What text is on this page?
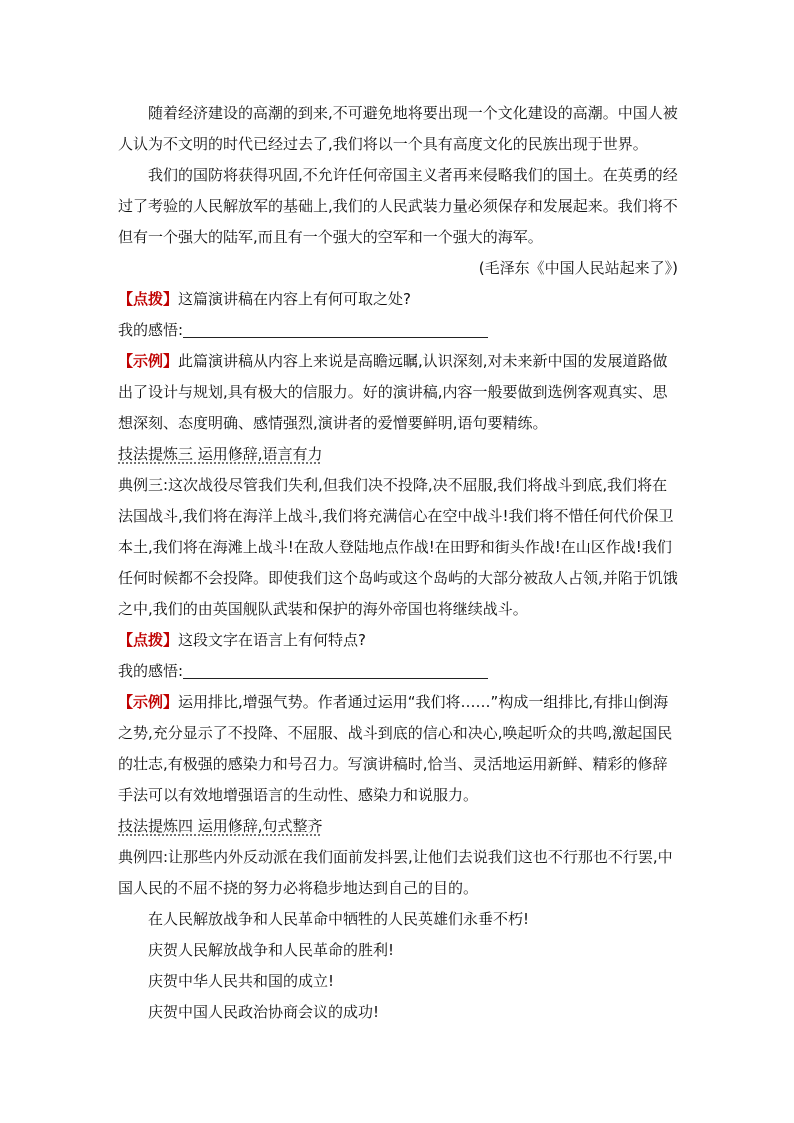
随着经济建设的高潮的到来,不可避免地将要出现一个文化建设的高潮。中国人被人认为不文明的时代已经过去了,我们将以一个具有高度文化的民族出现于世界。

我们的国防将获得巩固,不允许任何帝国主义者再来侵略我们的国土。在英勇的经过了考验的人民解放军的基础上,我们的人民武装力量必须保存和发展起来。我们将不但有一个强大的陆军,而且有一个强大的空军和一个强大的海军。

(毛泽东《中国人民站起来了》)

【点拨】这篇演讲稿在内容上有何可取之处?

我的感悟:

【示例】此篇演讲稿从内容上来说是高瞻远瞩,认识深刻,对未来新中国的发展道路做出了设计与规划,具有极大的信服力。好的演讲稿,内容一般要做到选例客观真实、思想深刻、态度明确、感情强烈,演讲者的爱憎要鲜明,语句要精练。

技法提炼三 运用修辞,语言有力

典例三:这次战役尽管我们失利,但我们决不投降,决不屈服,我们将战斗到底,我们将在法国战斗,我们将在海洋上战斗,我们将充满信心在空中战斗!我们将不惜任何代价保卫本土,我们将在海滩上战斗!在敌人登陆地点作战!在田野和街头作战!在山区作战!我们任何时候都不会投降。即使我们这个岛屿或这个岛屿的大部分被敌人占领,并陷于饥饿之中,我们的由英国舰队武装和保护的海外帝国也将继续战斗。

【点拨】这段文字在语言上有何特点?

我的感悟:

【示例】运用排比,增强气势。作者通过运用“我们将……”构成一组排比,有排山倒海之势,充分显示了不投降、不屈服、战斗到底的信心和决心,唤起听众的共鸣,激起国民的壮志,有极强的感染力和号召力。写演讲稿时,恰当、灵活地运用新鲜、精彩的修辞手法可以有效地增强语言的生动性、感染力和说服力。

技法提炼四 运用修辞,句式整齐

典例四:让那些内外反动派在我们面前发抖罢,让他们去说我们这也不行那也不行罢,中国人民的不屈不挠的努力必将稳步地达到自己的目的。

在人民解放战争和人民革命中牺牲的人民英雄们永垂不朽!

庆贺人民解放战争和人民革命的胜利!

庆贺中华人民共和国的成立!

庆贺中国人民政治协商会议的成功!
